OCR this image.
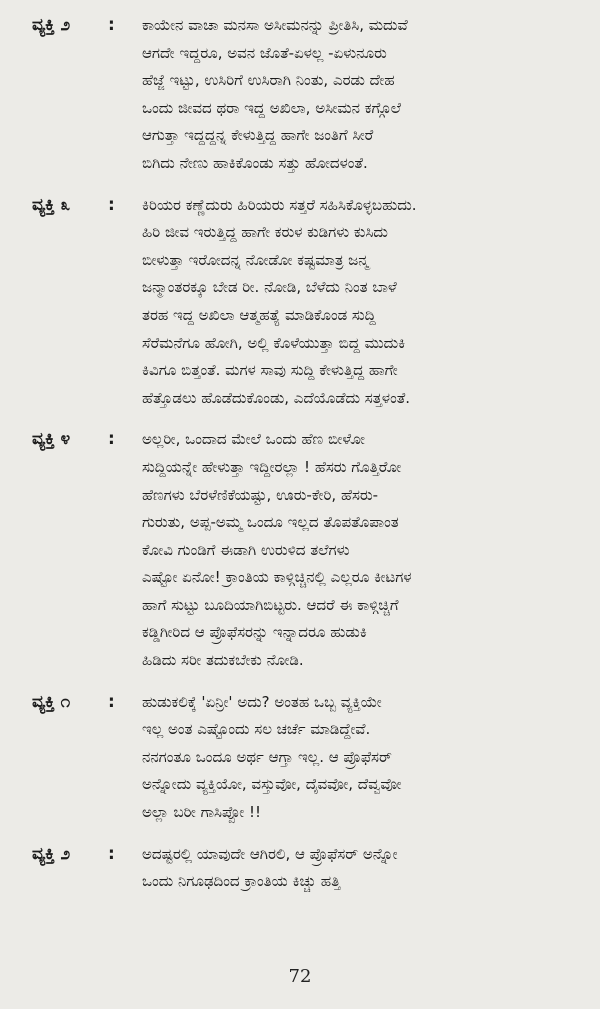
ವ್ಯಕ್ತಿ ೨	: ಕಾಯೇನ ವಾಚಾ ಮನಸಾ ಅಸೀಮನನ್ನು ಪ್ರೀತಿಸಿ, ಮದುವೆ
ಆಗದೇ ಇದ್ದರೂ, ಅವನ ಜೊತೆ-ಏಳಲ್ಲ -ಏಳುನೂರು
ಹೆಜ್ಜೆ ಇಟ್ಟು, ಉಸಿರಿಗೆ ಉಸಿರಾಗಿ ನಿಂತು, ಎರಡು ದೇಹ
ಒಂದು ಜೀವದ ಥರಾ ಇದ್ದ ಅಖಿಲಾ, ಅಸೀಮನ ಕಗ್ಗೊಲೆ
ಆಗುತ್ತಾ ಇದ್ದದ್ದನ್ನ ಕೇಳುತ್ತಿದ್ದ ಹಾಗೇ ಜಂತಿಗೆ ಸೀರೆ
ಬಿಗಿದು ನೇಣು ಹಾಕಿಕೊಂಡು ಸತ್ತು ಹೋದಳಂತೆ.
ವ್ಯಕ್ತಿ ೩	: ಕಿರಿಯರ ಕಣ್ಣೆದುರು ಹಿರಿಯರು ಸತ್ತರೆ ಸಹಿಸಿಕೊಳ್ಳಬಹುದು.
ಹಿರಿ ಜೀವ ಇರುತ್ತಿದ್ದ ಹಾಗೇ ಕರುಳ ಕುಡಿಗಳು ಕುಸಿದು
ಬೀಳುತ್ತಾ ಇರೋದನ್ನ ನೋಡೋ ಕಷ್ಟಮಾತ್ರ ಜನ್ಮ
ಜನ್ಮಾಂತರಕ್ಕೂ ಬೇಡ ರೀ. ನೋಡಿ, ಬೆಳೆದು ನಿಂತ ಬಾಳೆ
ತರಹ ಇದ್ದ ಅಖಿಲಾ ಆತ್ಮಹತ್ಯೆ ಮಾಡಿಕೊಂಡ ಸುದ್ದಿ
ಸೆರೆಮನೆಗೂ ಹೋಗಿ, ಅಲ್ಲಿ ಕೊಳೆಯುತ್ತಾ ಬಿದ್ದ ಮುದುಕಿ
ಕಿವಿಗೂ ಬಿತ್ತಂತೆ. ಮಗಳ ಸಾವು ಸುದ್ದಿ ಕೇಳುತ್ತಿದ್ದ ಹಾಗೇ
ಹೆತ್ತೊಡಲು ಹೊಡೆದುಕೊಂಡು, ಎದೆಯೊಡೆದು ಸತ್ತಳಂತೆ.
ವ್ಯಕ್ತಿ ೪	: ಅಲ್ಲರೀ, ಒಂದಾದ ಮೇಲೆ ಒಂದು ಹೆಣ ಬೀಳೋ
ಸುದ್ದಿಯನ್ನೇ ಹೇಳುತ್ತಾ ಇದ್ದೀರಲ್ಲಾ ! ಹೆಸರು ಗೊತ್ತಿರೋ
ಹೆಣಗಳು ಬೆರಳೆಣಿಕೆಯಷ್ಟು, ಊರು-ಕೇರಿ, ಹೆಸರು-
ಗುರುತು, ಅಪ್ಪ-ಅಮ್ಮ ಒಂದೂ ಇಲ್ಲದ ತೊಪತೊಪಾಂತ
ಕೋವಿ ಗುಂಡಿಗೆ ಈಡಾಗಿ ಉರುಳಿದ ತಲೆಗಳು
ಎಷ್ಟೋ ಏನೋ! ಕ್ರಾಂತಿಯ ಕಾಳ್ಗಿಚ್ಚಿನಲ್ಲಿ ಎಲ್ಲರೂ ಕೀಟಗಳ
ಹಾಗೆ ಸುಟ್ಟು ಬೂದಿಯಾಗಿಬಿಟ್ಟರು. ಆದರೆ ಈ ಕಾಳ್ಗಿಚ್ಚಿಗೆ
ಕಡ್ಡಿಗೀರಿದ ಆ ಪ್ರೊಫೆಸರನ್ನು ಇನ್ನಾದರೂ ಹುಡುಕಿ
ಹಿಡಿದು ಸರೀ ತದುಕಬೇಕು ನೋಡಿ.
ವ್ಯಕ್ತಿ ೧	: ಹುಡುಕಲಿಕ್ಕೆ 'ಏನ್ರೀ' ಅದು? ಅಂತಹ ಒಬ್ಬ ವ್ಯಕ್ತಿಯೇ
ಇಲ್ಲ ಅಂತ ಎಷ್ಟೊಂದು ಸಲ ಚರ್ಚೆ ಮಾಡಿದ್ದೇವೆ.
ನನಗಂತೂ ಒಂದೂ ಅರ್ಥ ಆಗ್ತಾ ಇಲ್ಲ. ಆ ಪ್ರೊಫೆಸರ್
ಅನ್ನೋದು ವ್ಯಕ್ತಿಯೋ, ವಸ್ತುವೋ, ದೈವವೋ, ದೆವ್ವವೋ
ಅಲ್ಲಾ ಬರೀ ಗಾಸಿಪ್ಪೋ !!
ವ್ಯಕ್ತಿ ೨	: ಅದಷ್ಟರಲ್ಲಿ ಯಾವುದೇ ಆಗಿರಲಿ, ಆ ಪ್ರೊಫೆಸರ್ ಅನ್ನೋ
ಒಂದು ನಿಗೂಢದಿಂದ ಕ್ರಾಂತಿಯ ಕಿಚ್ಚು ಹತ್ತಿ
72
